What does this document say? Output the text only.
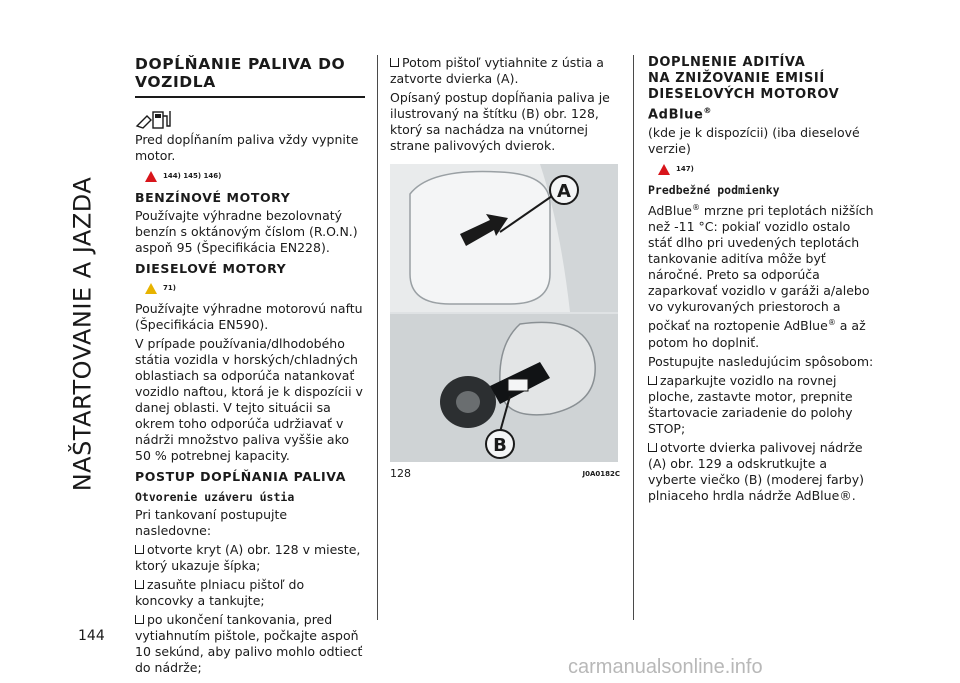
NAŠTARTOVANIE A JAZDA
144
carmanualsonline.info
DOPĹŇANIE PALIVA DO
VOZIDLA

Pred dopĺňaním paliva vždy vypnite motor.

144) 145) 146)
BENZÍNOVÉ MOTORY

Používajte výhradne bezolovnatý benzín s oktánovým číslom (R.O.N.) aspoň 95 (Špecifikácia EN228).

DIESELOVÉ MOTORY
71)

Používajte výhradne motorovú naftu (Špecifikácia EN590).

V prípade používania/dlhodobého státia vozidla v horských/chladných oblastiach sa odporúča natankovať vozidlo naftou, ktorá je k dispozícii v danej oblasti. V tejto situácii sa okrem toho odporúča udržiavať v nádrži množstvo paliva vyššie ako 50 % potrebnej kapacity.

POSTUP DOPĹŇANIA PALIVA
Otvorenie uzáveru ústia

Pri tankovaní postupujte nasledovne:

otvorte kryt (A) obr. 128 v mieste, ktorý ukazuje šípka;

zasuňte plniacu pištoľ do koncovky a tankujte;

po ukončení tankovania, pred vytiahnutím pištole, počkajte aspoň 10 sekúnd, aby palivo mohlo odtiecť do nádrže;

Potom pištoľ vytiahnite z ústia a zatvorte dvierka (A).

Opísaný postup dopĺňania paliva je ilustrovaný na štítku (B) obr. 128, ktorý sa nachádza na vnútornej strane palivových dvierok.

A
B
128	J0A0182C
DOPLNENIE ADITÍVA
NA ZNIŽOVANIE EMISIÍ
DIESELOVÝCH MOTOROV
AdBlue®

(kde je k dispozícii) (iba dieselové verzie)

147)
Predbežné podmienky

AdBlue® mrzne pri teplotách nižších než -11 °C: pokiaľ vozidlo ostalo stáť dlho pri uvedených teplotách tankovanie aditíva môže byť náročné. Preto sa odporúča zaparkovať vozidlo v garáži a/alebo vo vykurovaných priestoroch a počkať na roztopenie AdBlue® a až potom ho doplniť.

Postupujte nasledujúcim spôsobom:

zaparkujte vozidlo na rovnej ploche, zastavte motor, prepnite štartovacie zariadenie do polohy STOP;

otvorte dvierka palivovej nádrže (A) obr. 129 a odskrutkujte a vyberte viečko (B) (moderej farby) plniaceho hrdla nádrže AdBlue®.
